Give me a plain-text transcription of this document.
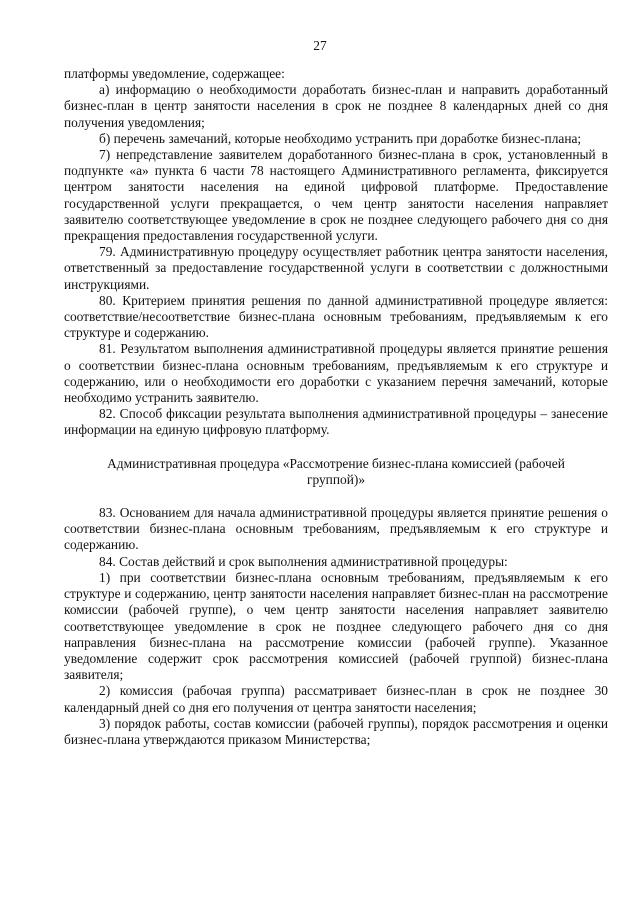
27

платформы уведомление, содержащее:

а) информацию о необходимости доработать бизнес-план и направить доработанный бизнес-план в центр занятости населения в срок не позднее 8 календарных дней со дня получения уведомления;

б) перечень замечаний, которые необходимо устранить при доработке бизнес-плана;

7) непредставление заявителем доработанного бизнес-плана в срок, установленный в подпункте «а» пункта 6 части 78 настоящего Административного регламента, фиксируется центром занятости населения на единой цифровой платформе. Предоставление государственной услуги прекращается, о чем центр занятости населения направляет заявителю соответствующее уведомление в срок не позднее следующего рабочего дня со дня прекращения предоставления государственной услуги.

79. Административную процедуру осуществляет работник центра занятости населения, ответственный за предоставление государственной услуги в соответствии с должностными инструкциями.

80. Критерием принятия решения по данной административной процедуре является: соответствие/несоответствие бизнес-плана основным требованиям, предъявляемым к его структуре и содержанию.

81. Результатом выполнения административной процедуры является принятие решения о соответствии бизнес-плана основным требованиям, предъявляемым к его структуре и содержанию, или о необходимости его доработки с указанием перечня замечаний, которые необходимо устранить заявителю.

82. Способ фиксации результата выполнения административной процедуры – занесение информации на единую цифровую платформу.

Административная процедура «Рассмотрение бизнес-плана комиссией (рабочей группой)»

83. Основанием для начала административной процедуры является принятие решения о соответствии бизнес-плана основным требованиям, предъявляемым к его структуре и содержанию.

84. Состав действий и срок выполнения административной процедуры:

1) при соответствии бизнес-плана основным требованиям, предъявляемым к его структуре и содержанию, центр занятости населения направляет бизнес-план на рассмотрение комиссии (рабочей группе), о чем центр занятости населения направляет заявителю соответствующее уведомление в срок не позднее следующего рабочего дня со дня направления бизнес-плана на рассмотрение комиссии (рабочей группе). Указанное уведомление содержит срок рассмотрения комиссией (рабочей группой) бизнес-плана заявителя;

2) комиссия (рабочая группа) рассматривает бизнес-план в срок не позднее 30 календарный дней со дня его получения от центра занятости населения;

3) порядок работы, состав комиссии (рабочей группы), порядок рассмотрения и оценки бизнес-плана утверждаются приказом Министерства;
